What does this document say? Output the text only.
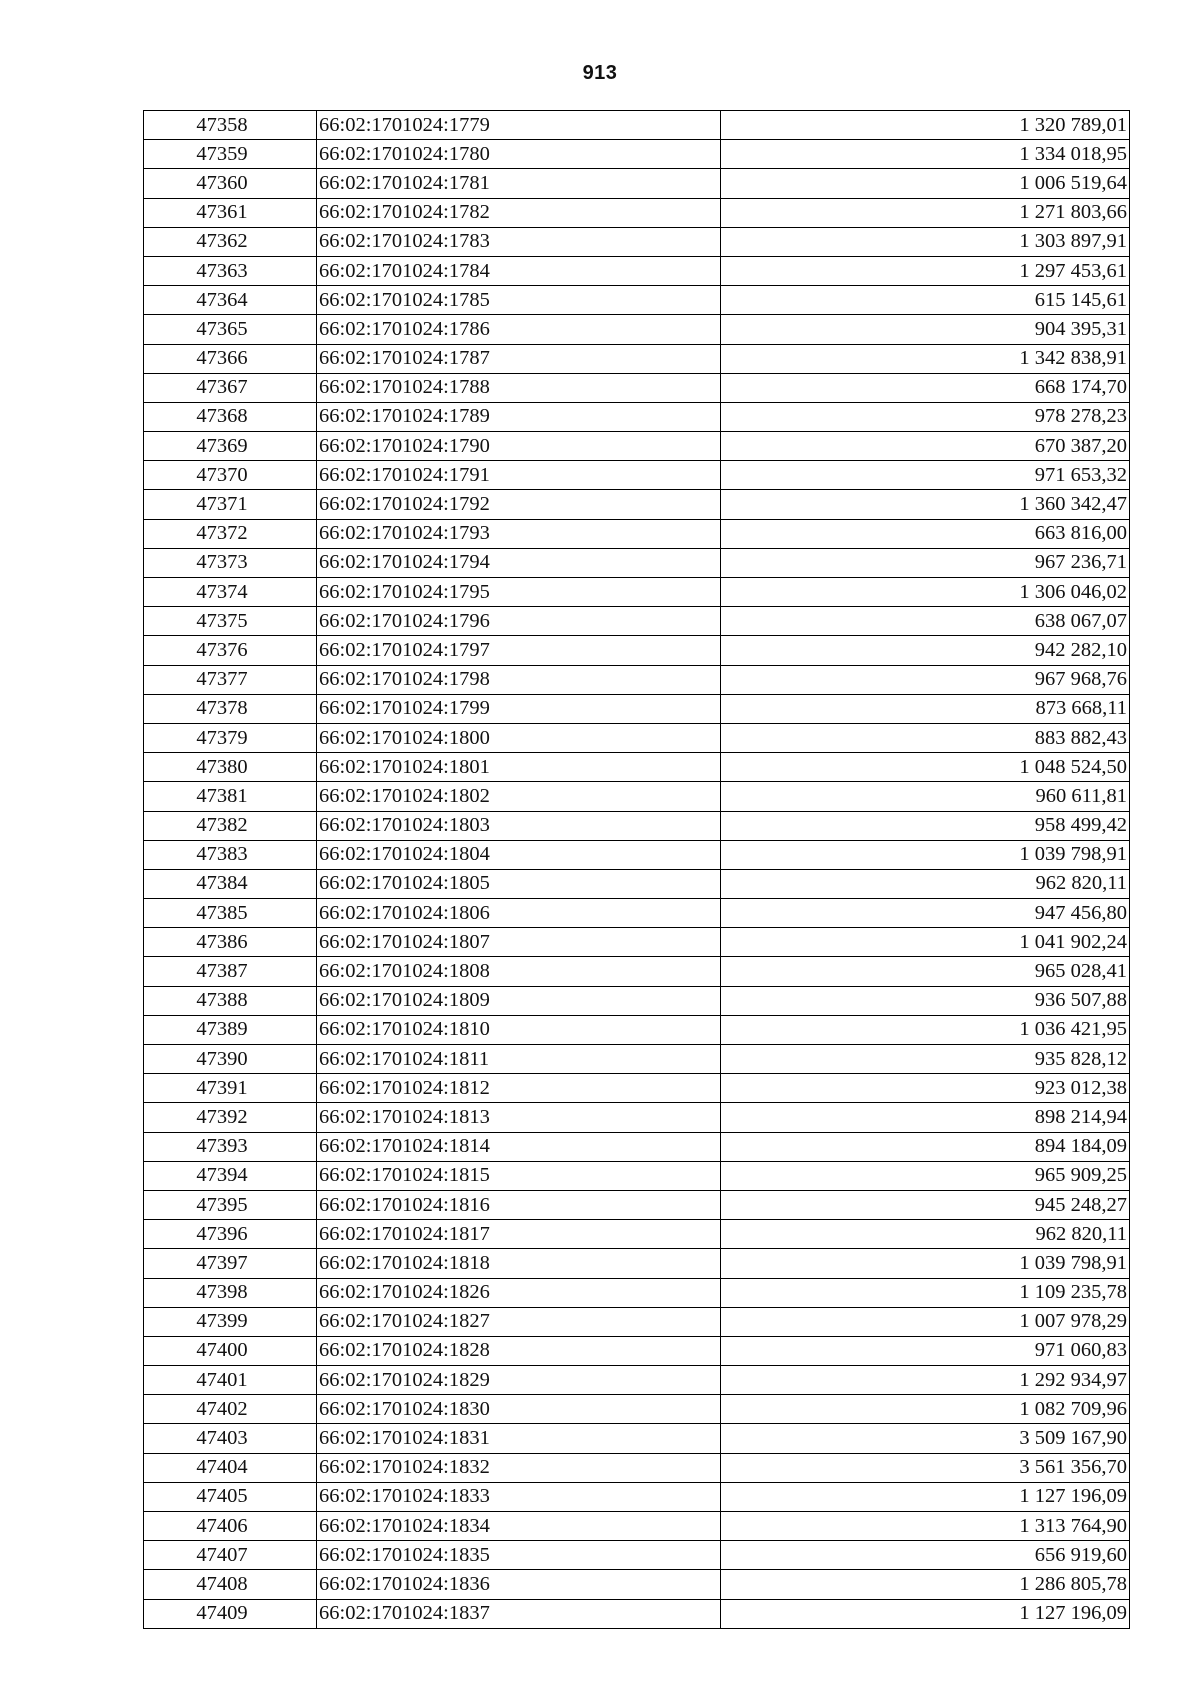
913
47358	66:02:1701024:1779	1 320 789,01
47359	66:02:1701024:1780	1 334 018,95
47360	66:02:1701024:1781	1 006 519,64
47361	66:02:1701024:1782	1 271 803,66
47362	66:02:1701024:1783	1 303 897,91
47363	66:02:1701024:1784	1 297 453,61
47364	66:02:1701024:1785	615 145,61
47365	66:02:1701024:1786	904 395,31
47366	66:02:1701024:1787	1 342 838,91
47367	66:02:1701024:1788	668 174,70
47368	66:02:1701024:1789	978 278,23
47369	66:02:1701024:1790	670 387,20
47370	66:02:1701024:1791	971 653,32
47371	66:02:1701024:1792	1 360 342,47
47372	66:02:1701024:1793	663 816,00
47373	66:02:1701024:1794	967 236,71
47374	66:02:1701024:1795	1 306 046,02
47375	66:02:1701024:1796	638 067,07
47376	66:02:1701024:1797	942 282,10
47377	66:02:1701024:1798	967 968,76
47378	66:02:1701024:1799	873 668,11
47379	66:02:1701024:1800	883 882,43
47380	66:02:1701024:1801	1 048 524,50
47381	66:02:1701024:1802	960 611,81
47382	66:02:1701024:1803	958 499,42
47383	66:02:1701024:1804	1 039 798,91
47384	66:02:1701024:1805	962 820,11
47385	66:02:1701024:1806	947 456,80
47386	66:02:1701024:1807	1 041 902,24
47387	66:02:1701024:1808	965 028,41
47388	66:02:1701024:1809	936 507,88
47389	66:02:1701024:1810	1 036 421,95
47390	66:02:1701024:1811	935 828,12
47391	66:02:1701024:1812	923 012,38
47392	66:02:1701024:1813	898 214,94
47393	66:02:1701024:1814	894 184,09
47394	66:02:1701024:1815	965 909,25
47395	66:02:1701024:1816	945 248,27
47396	66:02:1701024:1817	962 820,11
47397	66:02:1701024:1818	1 039 798,91
47398	66:02:1701024:1826	1 109 235,78
47399	66:02:1701024:1827	1 007 978,29
47400	66:02:1701024:1828	971 060,83
47401	66:02:1701024:1829	1 292 934,97
47402	66:02:1701024:1830	1 082 709,96
47403	66:02:1701024:1831	3 509 167,90
47404	66:02:1701024:1832	3 561 356,70
47405	66:02:1701024:1833	1 127 196,09
47406	66:02:1701024:1834	1 313 764,90
47407	66:02:1701024:1835	656 919,60
47408	66:02:1701024:1836	1 286 805,78
47409	66:02:1701024:1837	1 127 196,09
